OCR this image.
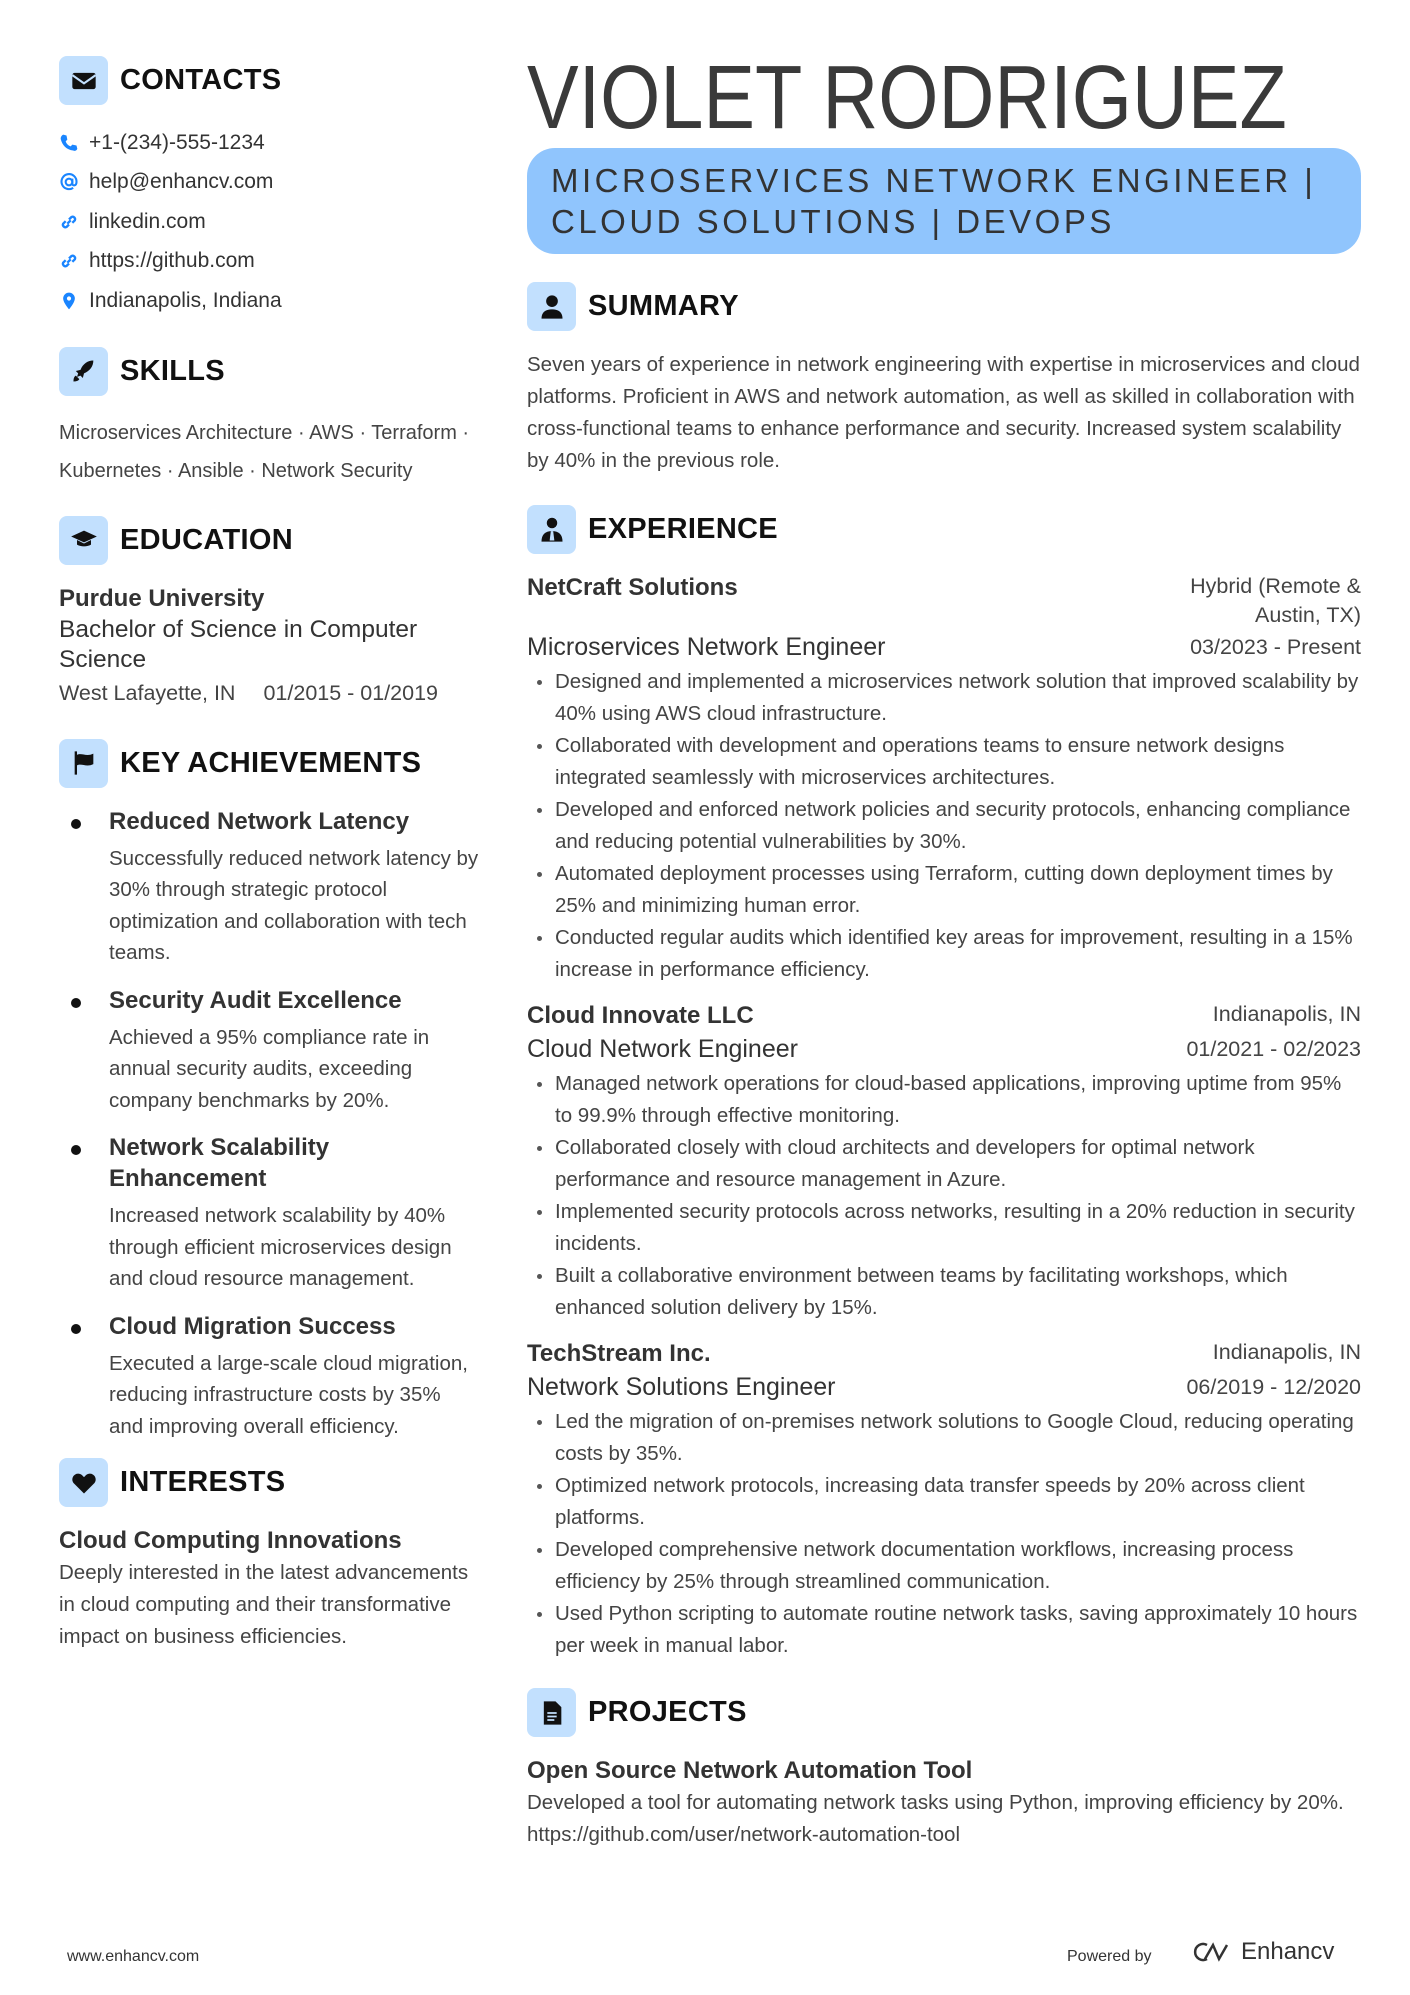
CONTACTS
+1-(234)-555-1234
help@enhancv.com
linkedin.com
https://github.com
Indianapolis, Indiana
SKILLS
Microservices Architecture · AWS · Terraform · Kubernetes · Ansible · Network Security
EDUCATION
Purdue University
Bachelor of Science in Computer Science
West Lafayette, IN 01/2015 - 01/2019
KEY ACHIEVEMENTS
Reduced Network Latency
Successfully reduced network latency by 30% through strategic protocol optimization and collaboration with tech teams.
Security Audit Excellence
Achieved a 95% compliance rate in annual security audits, exceeding company benchmarks by 20%.
Network Scalability Enhancement
Increased network scalability by 40% through efficient microservices design and cloud resource management.
Cloud Migration Success
Executed a large-scale cloud migration, reducing infrastructure costs by 35% and improving overall efficiency.
INTERESTS
Cloud Computing Innovations
Deeply interested in the latest advancements in cloud computing and their transformative impact on business efficiencies.
VIOLET RODRIGUEZ
MICROSERVICES NETWORK ENGINEER | CLOUD SOLUTIONS | DEVOPS
SUMMARY
Seven years of experience in network engineering with expertise in microservices and cloud platforms. Proficient in AWS and network automation, as well as skilled in collaboration with cross-functional teams to enhance performance and security. Increased system scalability by 40% in the previous role.
EXPERIENCE
NetCraft Solutions	Hybrid (Remote & Austin, TX)
Microservices Network Engineer	03/2023 - Present
Designed and implemented a microservices network solution that improved scalability by 40% using AWS cloud infrastructure.
Collaborated with development and operations teams to ensure network designs integrated seamlessly with microservices architectures.
Developed and enforced network policies and security protocols, enhancing compliance and reducing potential vulnerabilities by 30%.
Automated deployment processes using Terraform, cutting down deployment times by 25% and minimizing human error.
Conducted regular audits which identified key areas for improvement, resulting in a 15% increase in performance efficiency.
Cloud Innovate LLC	Indianapolis, IN
Cloud Network Engineer	01/2021 - 02/2023
Managed network operations for cloud-based applications, improving uptime from 95% to 99.9% through effective monitoring.
Collaborated closely with cloud architects and developers for optimal network performance and resource management in Azure.
Implemented security protocols across networks, resulting in a 20% reduction in security incidents.
Built a collaborative environment between teams by facilitating workshops, which enhanced solution delivery by 15%.
TechStream Inc.	Indianapolis, IN
Network Solutions Engineer	06/2019 - 12/2020
Led the migration of on-premises network solutions to Google Cloud, reducing operating costs by 35%.
Optimized network protocols, increasing data transfer speeds by 20% across client platforms.
Developed comprehensive network documentation workflows, increasing process efficiency by 25% through streamlined communication.
Used Python scripting to automate routine network tasks, saving approximately 10 hours per week in manual labor.
PROJECTS
Open Source Network Automation Tool
Developed a tool for automating network tasks using Python, improving efficiency by 20%. https://github.com/user/network-automation-tool
www.enhancv.com	Powered by	Enhancv
